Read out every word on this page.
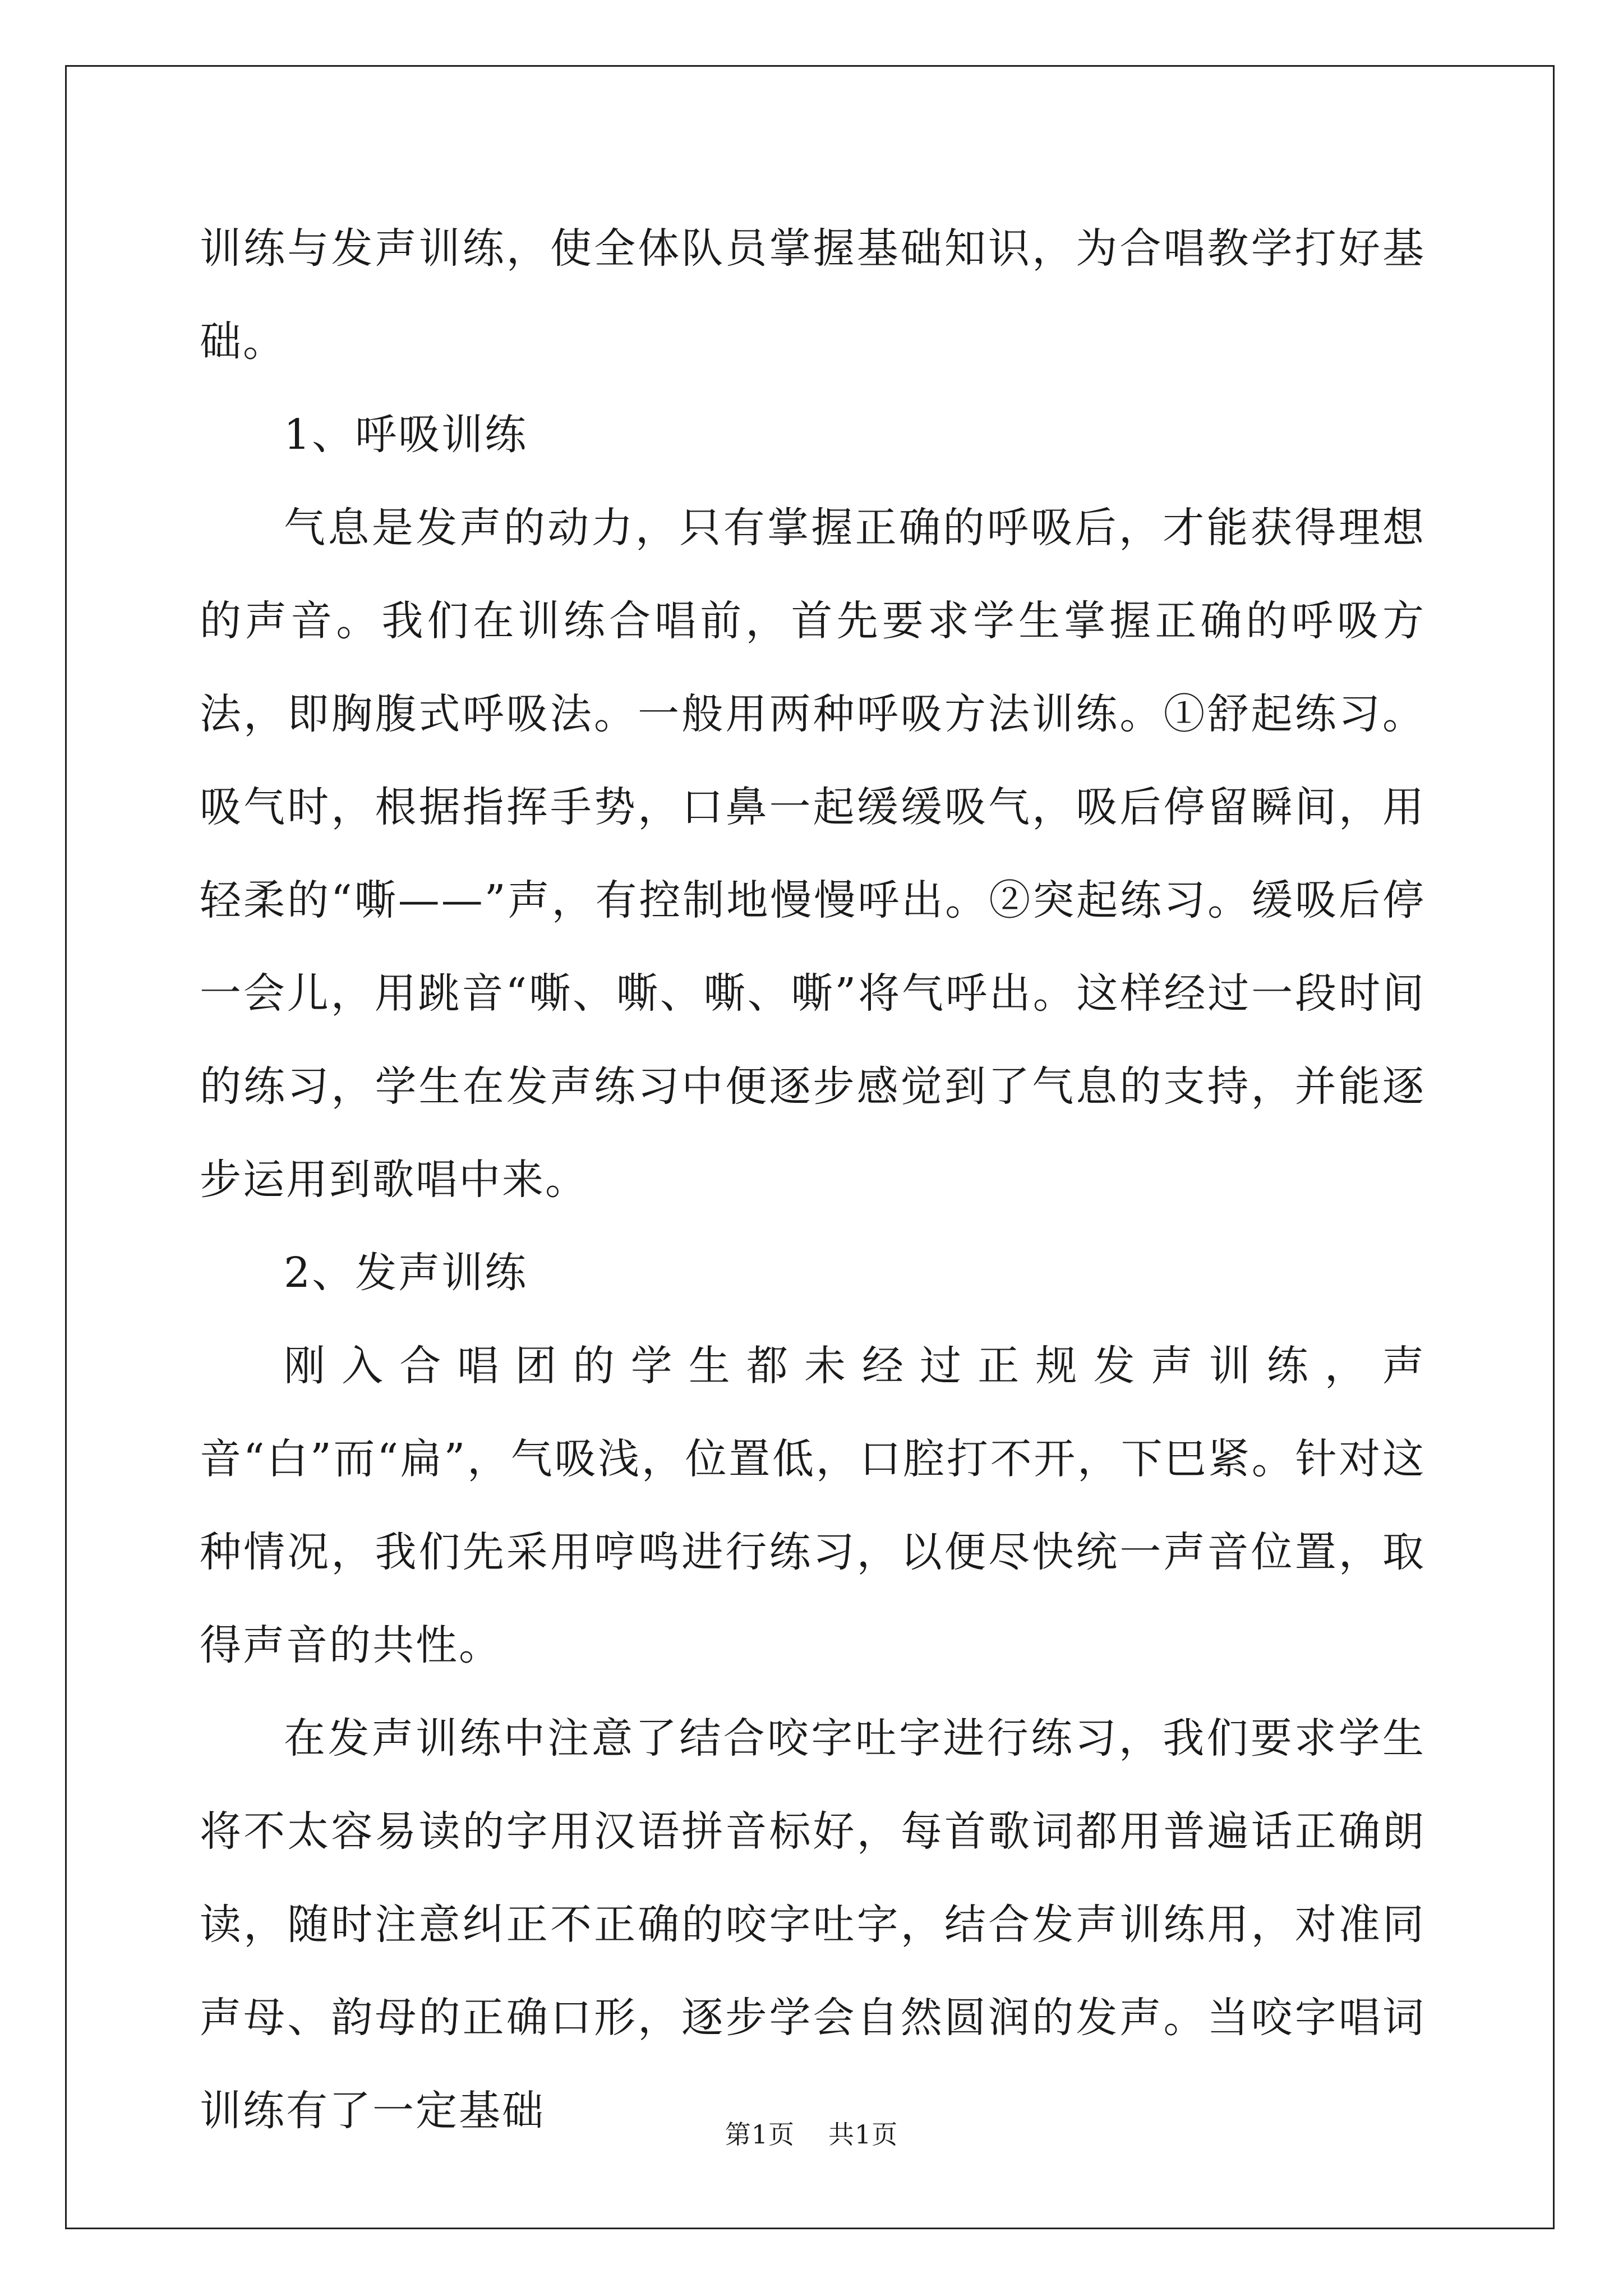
训练与发声训练，使全体队员掌握基础知识，为合唱教学打好基础。

1、呼吸训练

气息是发声的动力，只有掌握正确的呼吸后，才能获得理想的声音。我们在训练合唱前，首先要求学生掌握正确的呼吸方法，即胸腹式呼吸法。一般用两种呼吸方法训练。①舒起练习。吸气时，根据指挥手势，口鼻一起缓缓吸气，吸后停留瞬间，用轻柔的“嘶——”声，有控制地慢慢呼出。②突起练习。缓吸后停一会儿，用跳音“嘶、嘶、嘶、嘶”将气呼出。这样经过一段时间的练习，学生在发声练习中便逐步感觉到了气息的支持，并能逐步运用到歌唱中来。

2、发声训练

刚入合唱团的学生都未经过正规发声训练，声音“白”而“扁”，气吸浅，位置低，口腔打不开，下巴紧。针对这种情况，我们先采用哼鸣进行练习，以便尽快统一声音位置，取得声音的共性。

在发声训练中注意了结合咬字吐字进行练习，我们要求学生将不太容易读的字用汉语拼音标好，每首歌词都用普遍话正确朗读，随时注意纠正不正确的咬字吐字，结合发声训练用，对准同声母、韵母的正确口形，逐步学会自然圆润的发声。当咬字唱词训练有了一定基础	第1页 共1页
